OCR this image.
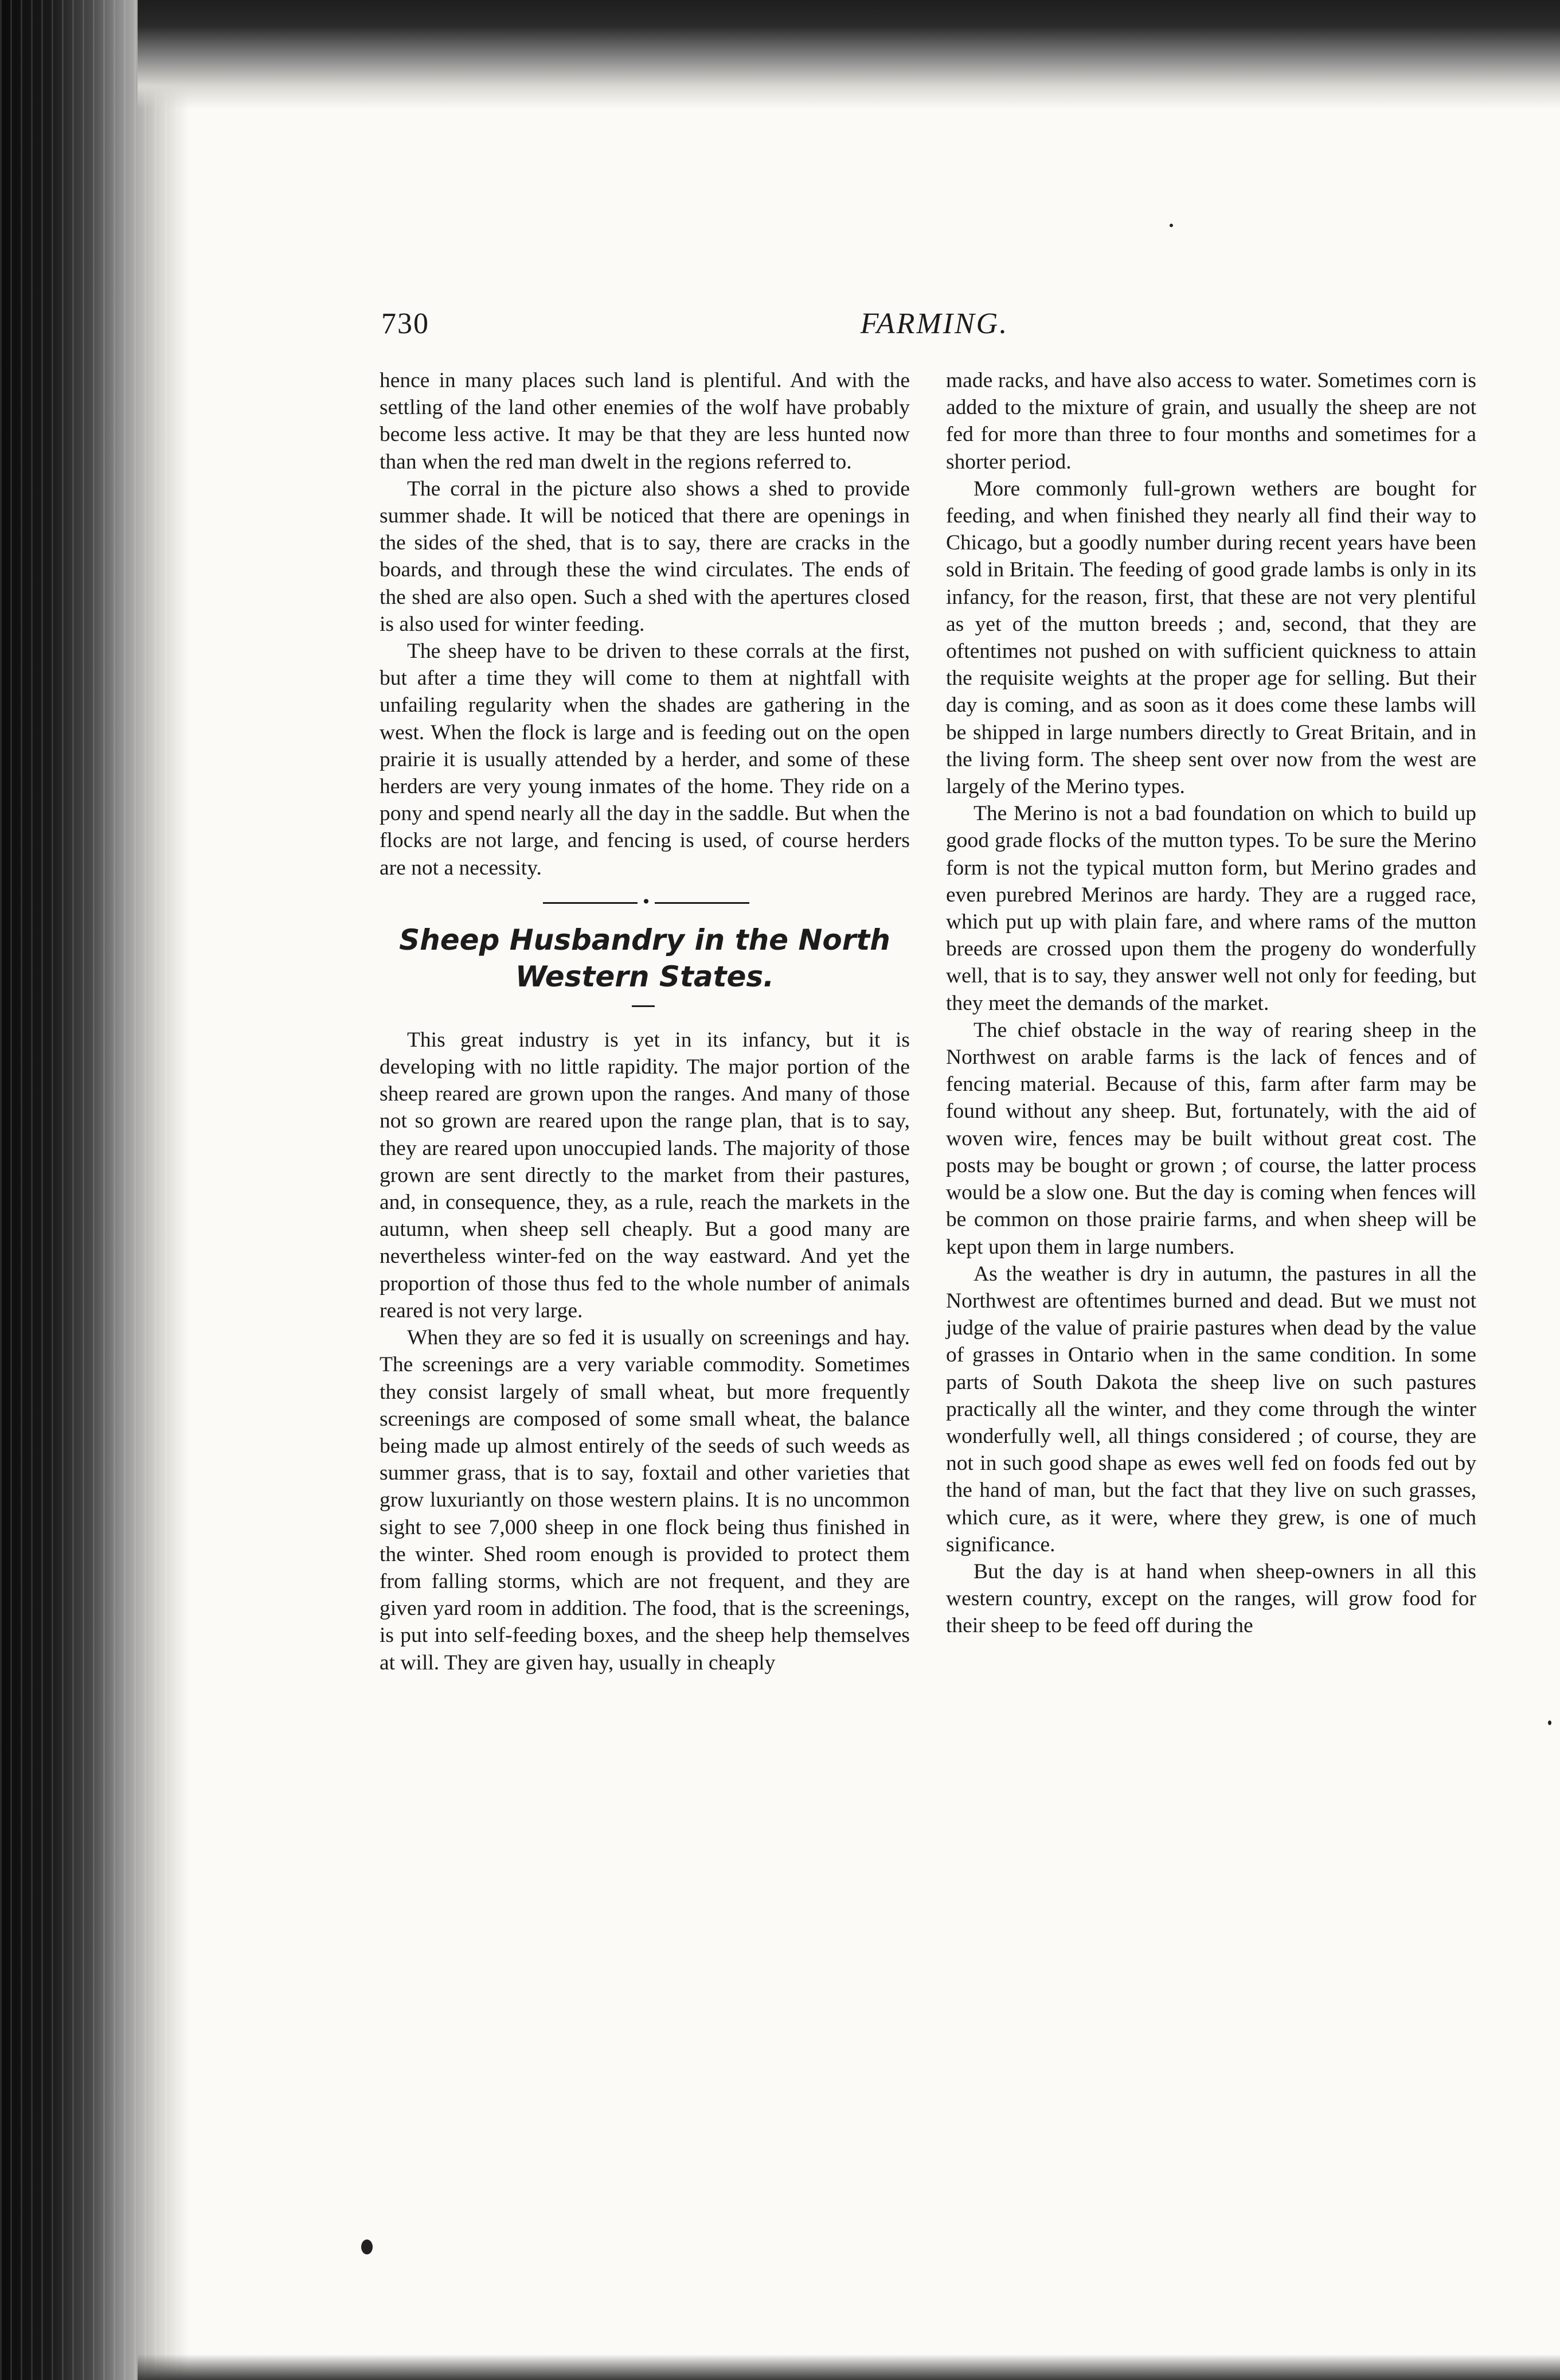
730	FARMING.

hence in many places such land is plentiful. And with the settling of the land other enemies of the wolf have probably become less active. It may be that they are less hunted now than when the red man dwelt in the regions referred to.

The corral in the picture also shows a shed to provide summer shade. It will be noticed that there are openings in the sides of the shed, that is to say, there are cracks in the boards, and through these the wind circulates. The ends of the shed are also open. Such a shed with the apertures closed is also used for winter feeding.

The sheep have to be driven to these corrals at the first, but after a time they will come to them at nightfall with unfailing regularity when the shades are gathering in the west. When the flock is large and is feeding out on the open prairie it is usually attended by a herder, and some of these herders are very young inmates of the home. They ride on a pony and spend nearly all the day in the saddle. But when the flocks are not large, and fencing is used, of course herders are not a necessity.

•
Sheep Husbandry in the North
Western States.

This great industry is yet in its infancy, but it is developing with no little rapidity. The major portion of the sheep reared are grown upon the ranges. And many of those not so grown are reared upon the range plan, that is to say, they are reared upon unoccupied lands. The majority of those grown are sent directly to the market from their pastures, and, in consequence, they, as a rule, reach the markets in the autumn, when sheep sell cheaply. But a good many are nevertheless winter-fed on the way eastward. And yet the proportion of those thus fed to the whole number of animals reared is not very large.

When they are so fed it is usually on screenings and hay. The screenings are a very variable commodity. Sometimes they consist largely of small wheat, but more frequently screenings are composed of some small wheat, the balance being made up almost entirely of the seeds of such weeds as summer grass, that is to say, foxtail and other varieties that grow luxuriantly on those western plains. It is no uncommon sight to see 7,000 sheep in one flock being thus finished in the winter. Shed room enough is provided to protect them from falling storms, which are not frequent, and they are given yard room in addition. The food, that is the screenings, is put into self-feeding boxes, and the sheep help themselves at will. They are given hay, usually in cheaply

made racks, and have also access to water. Sometimes corn is added to the mixture of grain, and usually the sheep are not fed for more than three to four months and sometimes for a shorter period.

More commonly full-grown wethers are bought for feeding, and when finished they nearly all find their way to Chicago, but a goodly number during recent years have been sold in Britain. The feeding of good grade lambs is only in its infancy, for the reason, first, that these are not very plentiful as yet of the mutton breeds ; and, second, that they are oftentimes not pushed on with sufficient quickness to attain the requisite weights at the proper age for selling. But their day is coming, and as soon as it does come these lambs will be shipped in large numbers directly to Great Britain, and in the living form. The sheep sent over now from the west are largely of the Merino types.

The Merino is not a bad foundation on which to build up good grade flocks of the mutton types. To be sure the Merino form is not the typical mutton form, but Merino grades and even purebred Merinos are hardy. They are a rugged race, which put up with plain fare, and where rams of the mutton breeds are crossed upon them the progeny do wonderfully well, that is to say, they answer well not only for feeding, but they meet the demands of the market.

The chief obstacle in the way of rearing sheep in the Northwest on arable farms is the lack of fences and of fencing material. Because of this, farm after farm may be found without any sheep. But, fortunately, with the aid of woven wire, fences may be built without great cost. The posts may be bought or grown ; of course, the latter process would be a slow one. But the day is coming when fences will be common on those prairie farms, and when sheep will be kept upon them in large numbers.

As the weather is dry in autumn, the pastures in all the Northwest are oftentimes burned and dead. But we must not judge of the value of prairie pastures when dead by the value of grasses in Ontario when in the same condition. In some parts of South Dakota the sheep live on such pastures practically all the winter, and they come through the winter wonderfully well, all things considered ; of course, they are not in such good shape as ewes well fed on foods fed out by the hand of man, but the fact that they live on such grasses, which cure, as it were, where they grew, is one of much significance.

But the day is at hand when sheep-owners in all this western country, except on the ranges, will grow food for their sheep to be feed off during the
